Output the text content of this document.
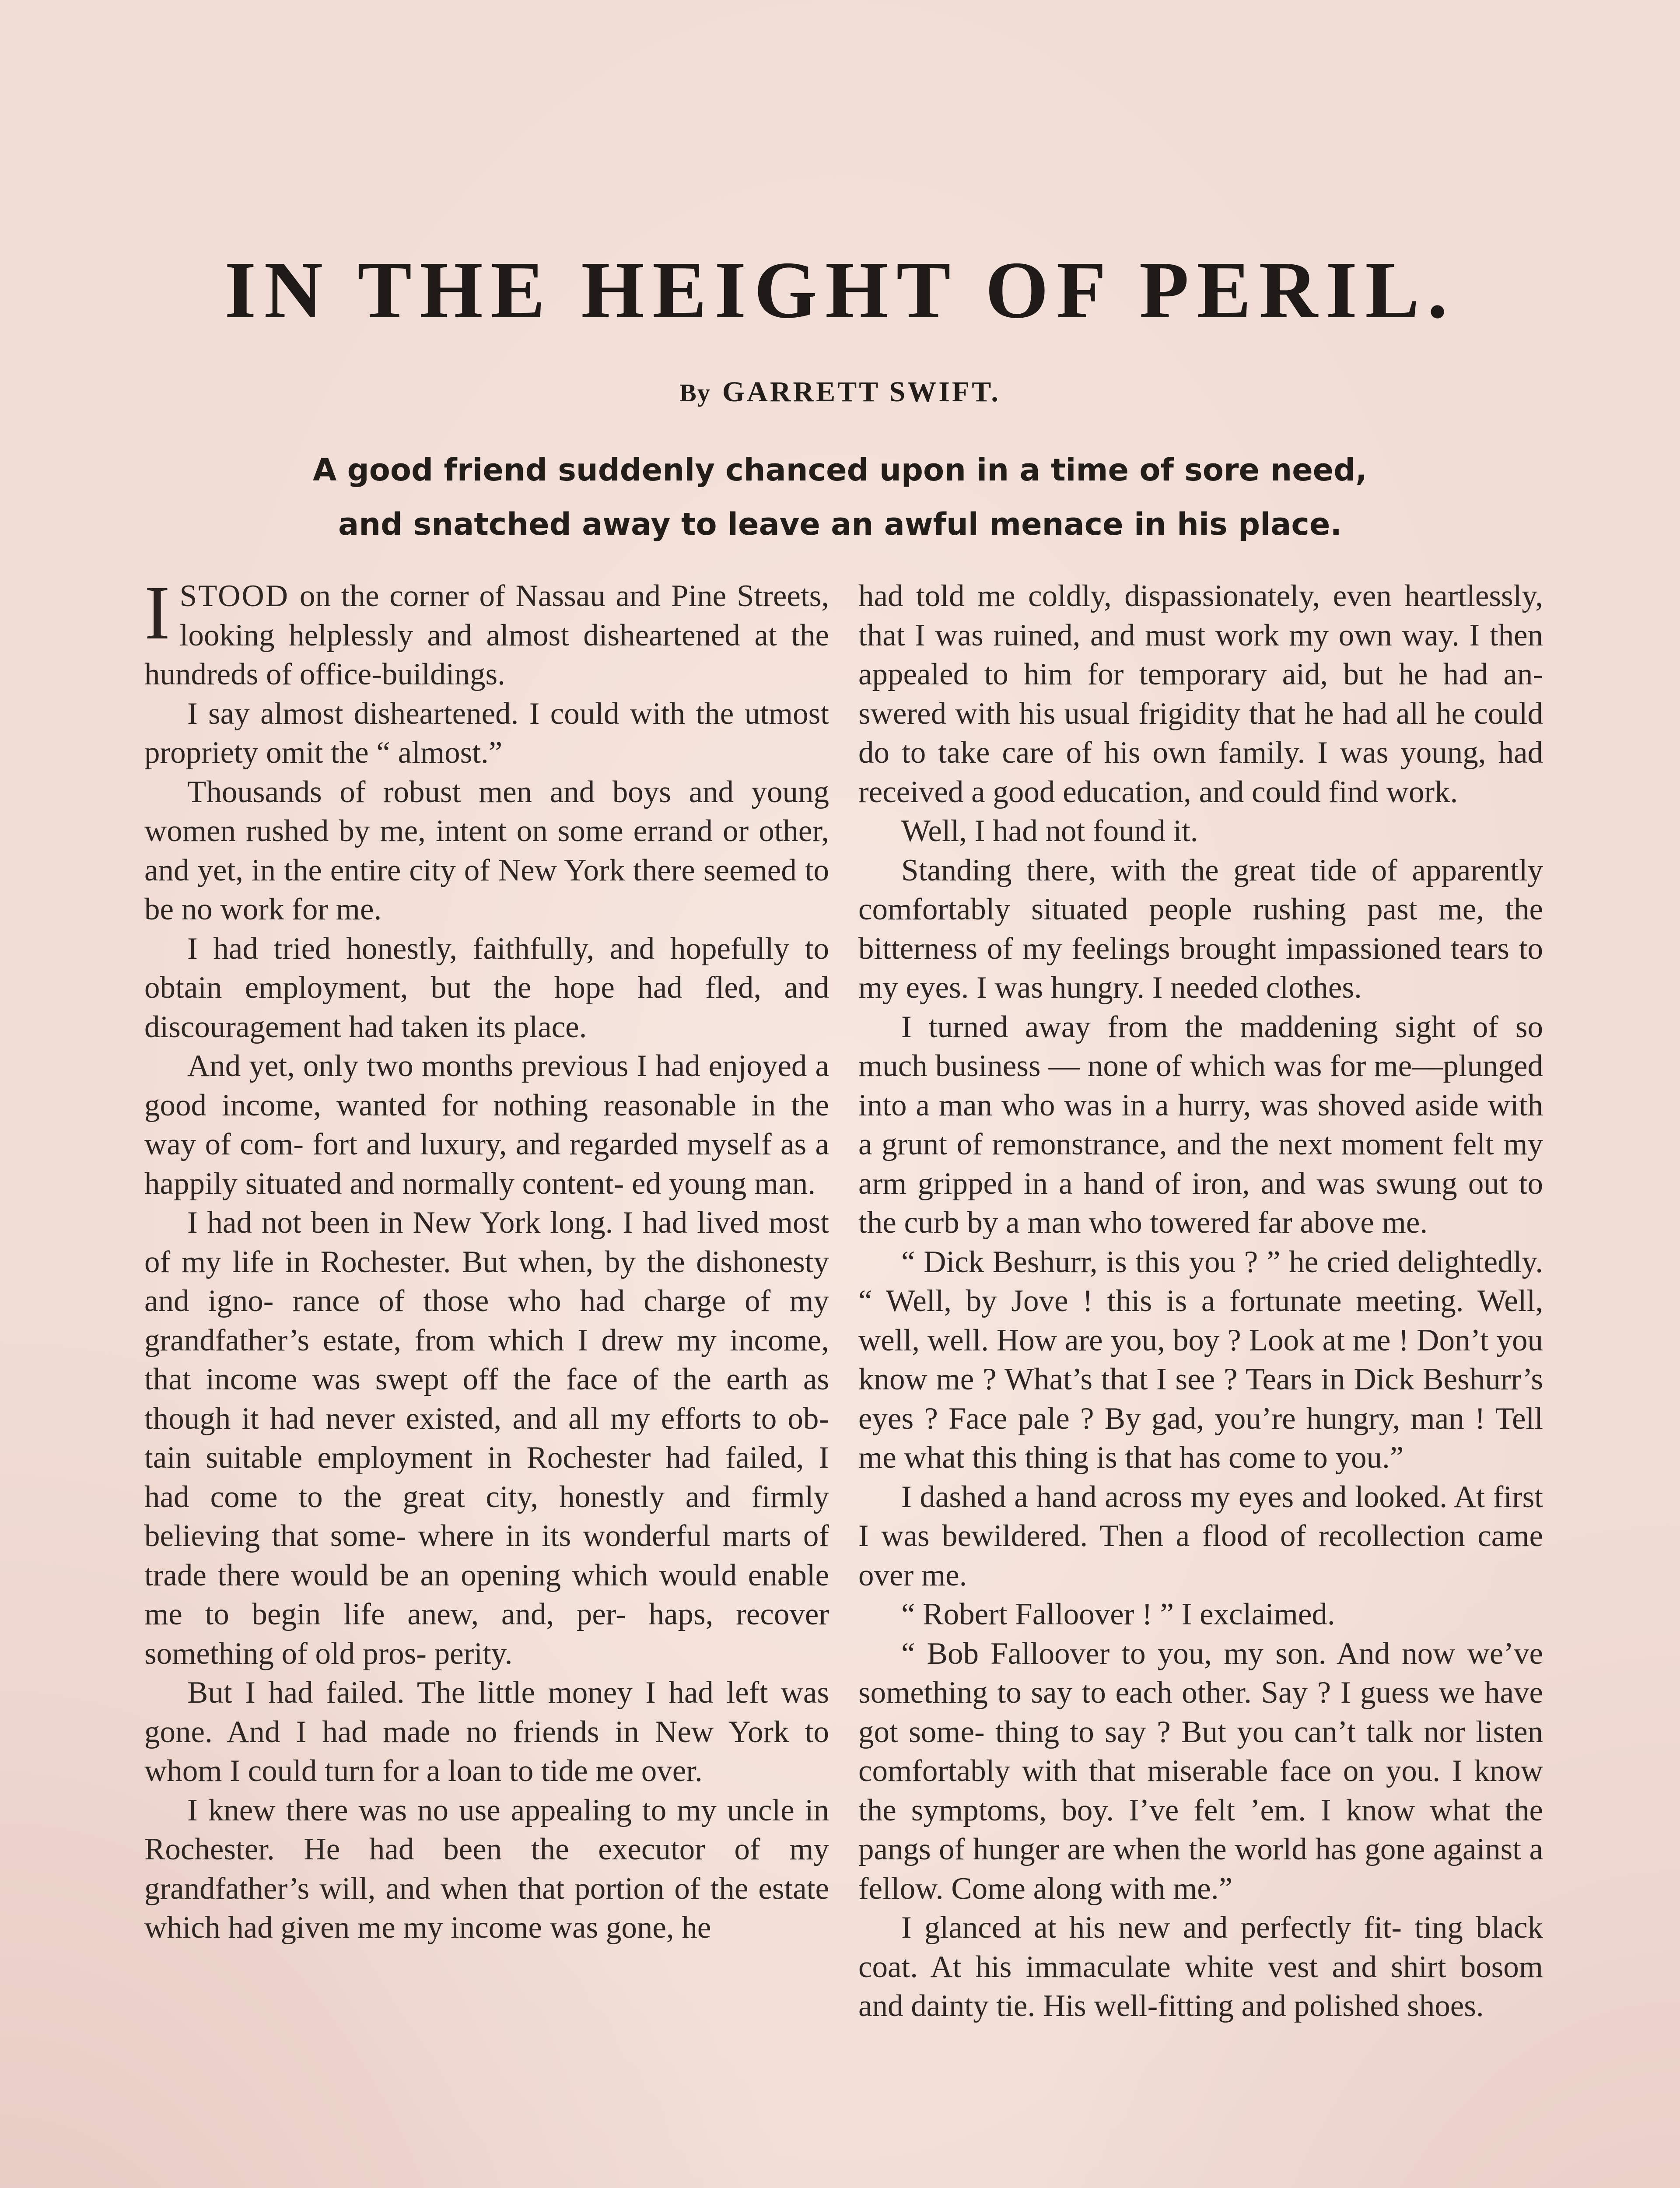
IN THE HEIGHT OF PERIL.
By GARRETT SWIFT.
A good friend suddenly chanced upon in a time of sore need,
and snatched away to leave an awful menace in his place.

ISTOOD on the corner of Nassau and Pine Streets, looking helplessly and almost disheartened at the hundreds of office-buildings.

I say almost disheartened. I could with the utmost propriety omit the “ almost.”

Thousands of robust men and boys and young women rushed by me, intent on some errand or other, and yet, in the entire city of New York there seemed to be no work for me.

I had tried honestly, faithfully, and hopefully to obtain employment, but the hope had fled, and discouragement had taken its place.

And yet, only two months previous I had enjoyed a good income, wanted for nothing reasonable in the way of com- fort and luxury, and regarded myself as a happily situated and normally content- ed young man.

I had not been in New York long. I had lived most of my life in Rochester. But when, by the dishonesty and igno- rance of those who had charge of my grandfather’s estate, from which I drew my income, that income was swept off the face of the earth as though it had never existed, and all my efforts to ob- tain suitable employment in Rochester had failed, I had come to the great city, honestly and firmly believing that some- where in its wonderful marts of trade there would be an opening which would enable me to begin life anew, and, per- haps, recover something of old pros- perity.

But I had failed. The little money I had left was gone. And I had made no friends in New York to whom I could turn for a loan to tide me over.

I knew there was no use appealing to my uncle in Rochester. He had been the executor of my grandfather’s will, and when that portion of the estate which had given me my income was gone, he

had told me coldly, dispassionately, even heartlessly, that I was ruined, and must work my own way. I then appealed to him for temporary aid, but he had an- swered with his usual frigidity that he had all he could do to take care of his own family. I was young, had received a good education, and could find work.

Well, I had not found it.

Standing there, with the great tide of apparently comfortably situated people rushing past me, the bitterness of my feelings brought impassioned tears to my eyes. I was hungry. I needed clothes.

I turned away from the maddening sight of so much business — none of which was for me—plunged into a man who was in a hurry, was shoved aside with a grunt of remonstrance, and the next moment felt my arm gripped in a hand of iron, and was swung out to the curb by a man who towered far above me.

“ Dick Beshurr, is this you ? ” he cried delightedly. “ Well, by Jove ! this is a fortunate meeting. Well, well, well. How are you, boy ? Look at me ! Don’t you know me ? What’s that I see ? Tears in Dick Beshurr’s eyes ? Face pale ? By gad, you’re hungry, man ! Tell me what this thing is that has come to you.”

I dashed a hand across my eyes and looked. At first I was bewildered. Then a flood of recollection came over me.

“ Robert Falloover ! ” I exclaimed.

“ Bob Falloover to you, my son. And now we’ve something to say to each other. Say ? I guess we have got some- thing to say ? But you can’t talk nor listen comfortably with that miserable face on you. I know the symptoms, boy. I’ve felt ’em. I know what the pangs of hunger are when the world has gone against a fellow. Come along with me.”

I glanced at his new and perfectly fit- ting black coat. At his immaculate white vest and shirt bosom and dainty tie. His well-fitting and polished shoes.
